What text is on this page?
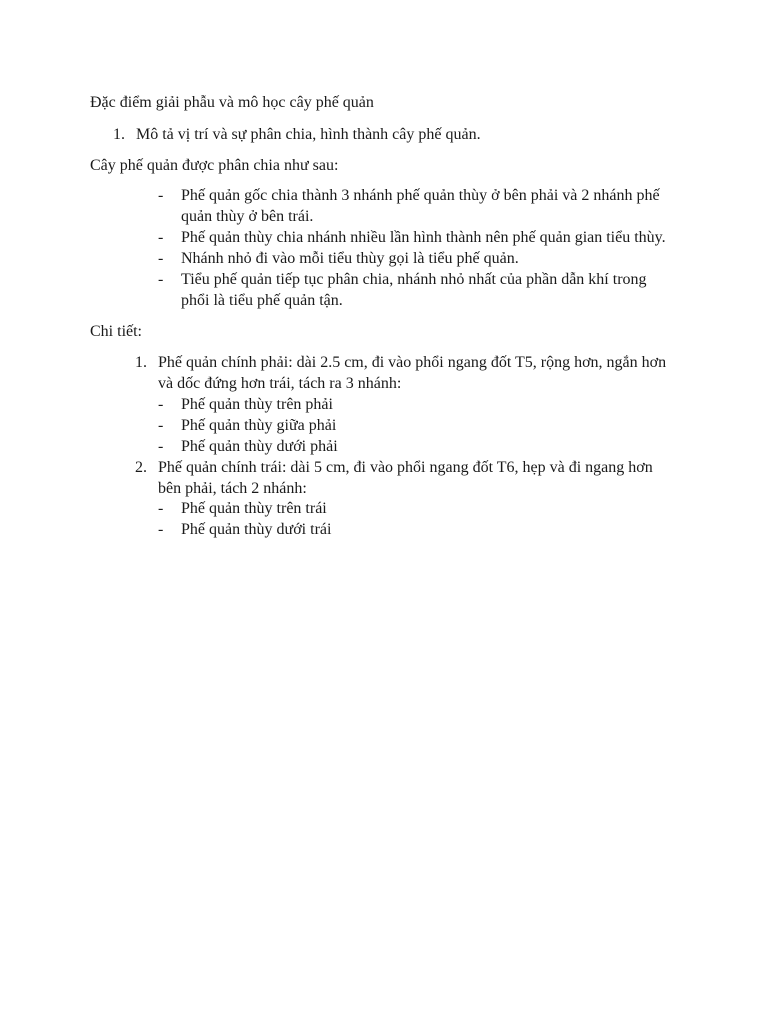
Đặc điểm giải phẫu và mô học cây phế quản
1. Mô tả vị trí và sự phân chia, hình thành cây phế quản.
Cây phế quản được phân chia như sau:
- Phế quản gốc chia thành 3 nhánh phế quản thùy ở bên phải và 2 nhánh phế
quản thùy ở bên trái.
- Phế quản thùy chia nhánh nhiều lần hình thành nên phế quản gian tiểu thùy.
- Nhánh nhỏ đi vào mỗi tiểu thùy gọi là tiểu phế quản.
- Tiểu phế quản tiếp tục phân chia, nhánh nhỏ nhất của phần dẫn khí trong
phổi là tiểu phế quản tận.
Chi tiết:
1. Phế quản chính phải: dài 2.5 cm, đi vào phổi ngang đốt T5, rộng hơn, ngắn hơn
và dốc đứng hơn trái, tách ra 3 nhánh:
- Phế quản thùy trên phải
- Phế quản thùy giữa phải
- Phế quản thùy dưới phải
2. Phế quản chính trái: dài 5 cm, đi vào phổi ngang đốt T6, hẹp và đi ngang hơn
bên phải, tách 2 nhánh:
- Phế quản thùy trên trái
- Phế quản thùy dưới trái
